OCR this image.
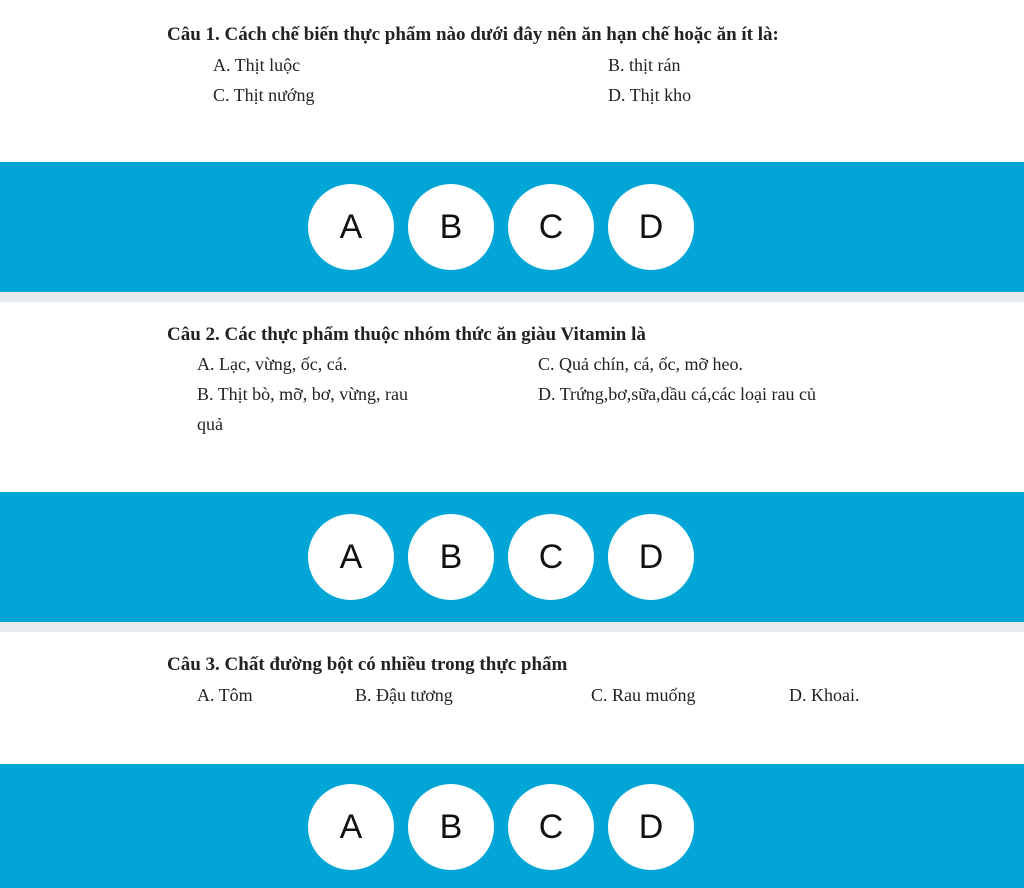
Câu 1. Cách chế biến thực phẩm nào dưới đây nên ăn hạn chế hoặc ăn ít là:
A. Thịt luộc	B. thịt rán
C. Thịt nướng	D. Thịt kho
A	B	C	D
Câu 2. Các thực phẩm thuộc nhóm thức ăn giàu Vitamin là
A. Lạc, vừng, ốc, cá.	C. Quả chín, cá, ốc, mỡ heo.
B. Thịt bò, mỡ, bơ, vừng, rau	D. Trứng,bơ,sữa,dầu cá,các loại rau củ
quả
A	B	C	D
Câu 3. Chất đường bột có nhiều trong thực phẩm
A. Tôm	B. Đậu tương	C. Rau muống	D. Khoai.
A	B	C	D
